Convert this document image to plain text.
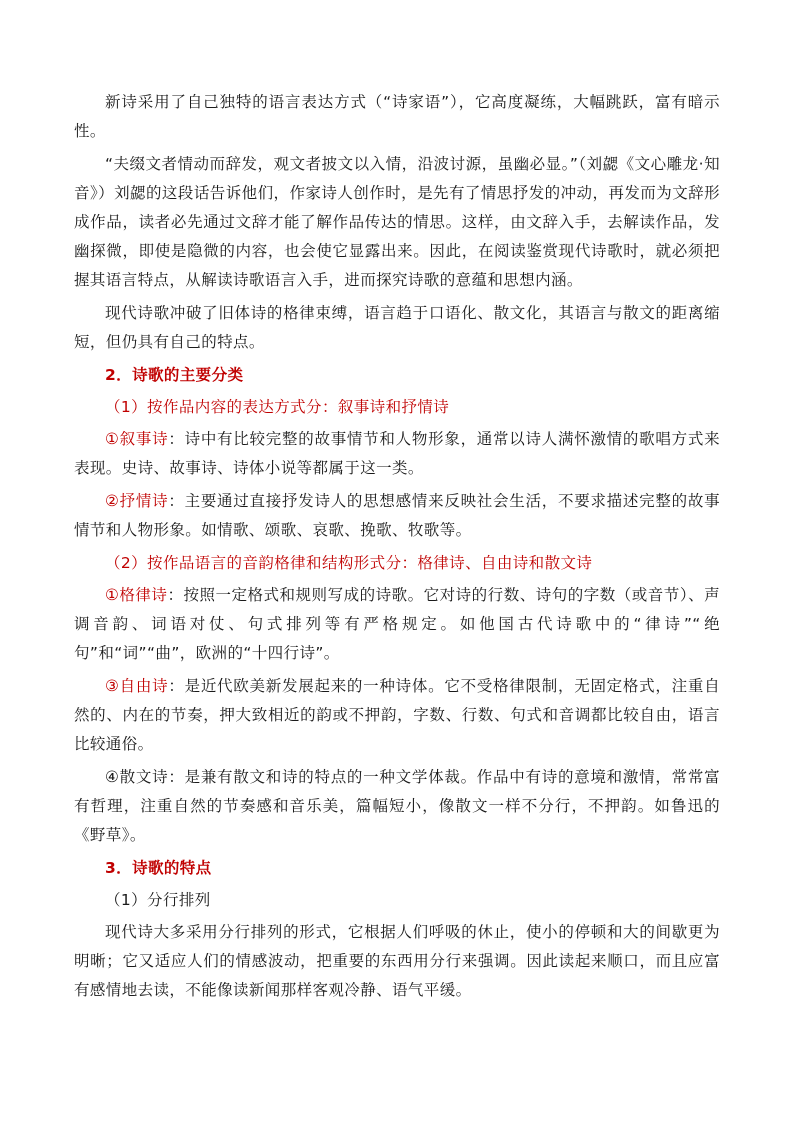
新诗采用了自己独特的语言表达方式（“诗家语”），它高度凝练，大幅跳跃，富有暗示性。

“夫缀文者情动而辞发，观文者披文以入情，沿波讨源，虽幽必显。”（刘勰《文心雕龙·知音》）刘勰的这段话告诉他们，作家诗人创作时，是先有了情思抒发的冲动，再发而为文辞形成作品，读者必先通过文辞才能了解作品传达的情思。这样，由文辞入手，去解读作品，发幽探微，即使是隐微的内容，也会使它显露出来。因此，在阅读鉴赏现代诗歌时，就必须把握其语言特点，从解读诗歌语言入手，进而探究诗歌的意蕴和思想内涵。

现代诗歌冲破了旧体诗的格律束缚，语言趋于口语化、散文化，其语言与散文的距离缩短，但仍具有自己的特点。

2．诗歌的主要分类

（1）按作品内容的表达方式分：叙事诗和抒情诗

①叙事诗：诗中有比较完整的故事情节和人物形象，通常以诗人满怀激情的歌唱方式来表现。史诗、故事诗、诗体小说等都属于这一类。

②抒情诗：主要通过直接抒发诗人的思想感情来反映社会生活，不要求描述完整的故事情节和人物形象。如情歌、颂歌、哀歌、挽歌、牧歌等。

（2）按作品语言的音韵格律和结构形式分：格律诗、自由诗和散文诗

①格律诗：按照一定格式和规则写成的诗歌。它对诗的行数、诗句的字数（或音节）、声调音韵、词语对仗、句式排列等有严格规定。如他国古代诗歌中的“律诗”“绝句”和“词”“曲”，欧洲的“十四行诗”。

③自由诗：是近代欧美新发展起来的一种诗体。它不受格律限制，无固定格式，注重自然的、内在的节奏，押大致相近的韵或不押韵，字数、行数、句式和音调都比较自由，语言比较通俗。

④散文诗：是兼有散文和诗的特点的一种文学体裁。作品中有诗的意境和激情，常常富有哲理，注重自然的节奏感和音乐美，篇幅短小，像散文一样不分行，不押韵。如鲁迅的《野草》。

3．诗歌的特点

（1）分行排列

现代诗大多采用分行排列的形式，它根据人们呼吸的休止，使小的停顿和大的间歇更为明晰；它又适应人们的情感波动，把重要的东西用分行来强调。因此读起来顺口，而且应富有感情地去读，不能像读新闻那样客观冷静、语气平缓。
